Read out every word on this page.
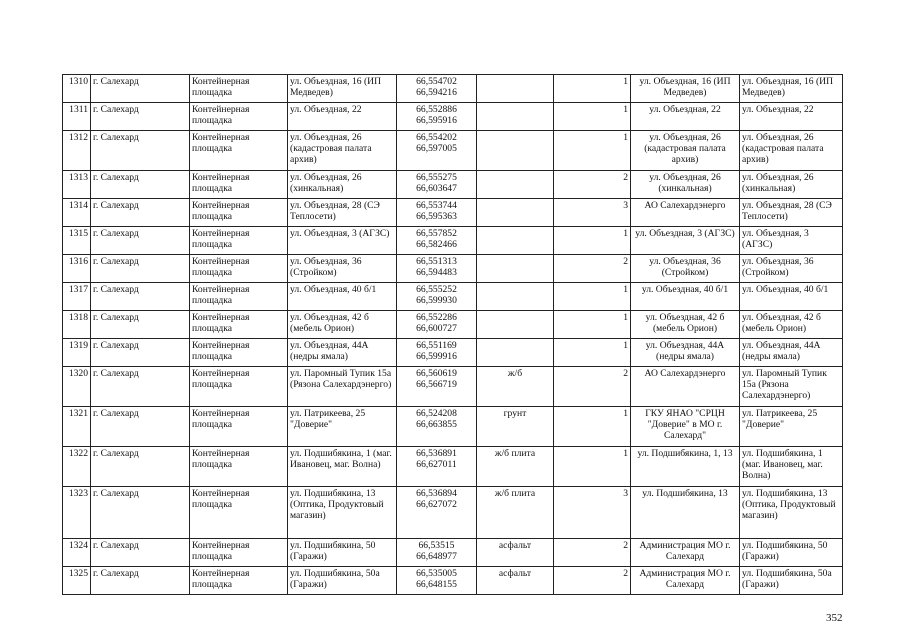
1310	г. Салехард	Контейнерная
площадка	ул. Объездная, 16 (ИП Медведев)	66,554702
66,594216		1	ул. Объездная, 16 (ИП Медведев)	ул. Объездная, 16 (ИП Медведев)
1311	г. Салехард	Контейнерная
площадка	ул. Объездная, 22	66,552886
66,595916		1	ул. Объездная, 22	ул. Объездная, 22
1312	г. Салехард	Контейнерная
площадка	ул. Объездная, 26 (кадастровая палата архив)	66,554202
66,597005		1	ул. Объездная, 26 (кадастровая палата архив)	ул. Объездная, 26 (кадастровая палата архив)
1313	г. Салехард	Контейнерная
площадка	ул. Объездная, 26 (хинкальная)	66,555275
66,603647		2	ул. Объездная, 26 (хинкальная)	ул. Объездная, 26 (хинкальная)
1314	г. Салехард	Контейнерная
площадка	ул. Объездная, 28 (СЭ Теплосети)	66,553744
66,595363		3	АО Салехардэнерго	ул. Объездная, 28 (СЭ Теплосети)
1315	г. Салехард	Контейнерная
площадка	ул. Объездная, 3 (АГЗС)	66,557852
66,582466		1	ул. Объездная, 3 (АГЗС)	ул. Объездная, 3 (АГЗС)
1316	г. Салехард	Контейнерная
площадка	ул. Объездная, 36 (Стройком)	66,551313
66,594483		2	ул. Объездная, 36 (Стройком)	ул. Объездная, 36 (Стройком)
1317	г. Салехард	Контейнерная
площадка	ул. Объездная, 40 б/1	66,555252
66,599930		1	ул. Объездная, 40 б/1	ул. Объездная, 40 б/1
1318	г. Салехард	Контейнерная
площадка	ул. Объездная, 42 б (мебель Орион)	66,552286
66,600727		1	ул. Объездная, 42 б (мебель Орион)	ул. Объездная, 42 б (мебель Орион)
1319	г. Салехард	Контейнерная
площадка	ул. Объездная, 44А (недры ямала)	66,551169
66,599916		1	ул. Объездная, 44А (недры ямала)	ул. Объездная, 44А (недры ямала)
1320	г. Салехард	Контейнерная
площадка	ул. Паромный Тупик 15а (Рязона Салехардэнерго)	66,560619
66,566719	ж/б	2	АО Салехардэнерго	ул. Паромный Тупик 15а (Рязона Салехардэнерго)
1321	г. Салехард	Контейнерная
площадка	ул. Патрикеева, 25 "Доверие"	66,524208
66,663855	грунт	1	ГКУ ЯНАО "СРЦН "Доверие" в МО г. Салехард"	ул. Патрикеева, 25 "Доверие"
1322	г. Салехард	Контейнерная
площадка	ул. Подшибякина, 1 (маг. Ивановец, маг. Волна)	66,536891
66,627011	ж/б плита	1	ул. Подшибякина, 1, 13	ул. Подшибякина, 1 (маг. Ивановец, маг. Волна)
1323	г. Салехард	Контейнерная
площадка	ул. Подшибякина, 13 (Оптика, Продуктовый магазин)	66,536894
66,627072	ж/б плита	3	ул. Подшибякина, 13	ул. Подшибякина, 13 (Оптика, Продуктовый магазин)
1324	г. Салехард	Контейнерная
площадка	ул. Подшибякина, 50 (Гаражи)	66,53515
66,648977	асфальт	2	Администрация МО г. Салехард	ул. Подшибякина, 50 (Гаражи)
1325	г. Салехард	Контейнерная
площадка	ул. Подшибякина, 50а (Гаражи)	66,535005
66,648155	асфальт	2	Администрация МО г. Салехард	ул. Подшибякина, 50а (Гаражи)
352
